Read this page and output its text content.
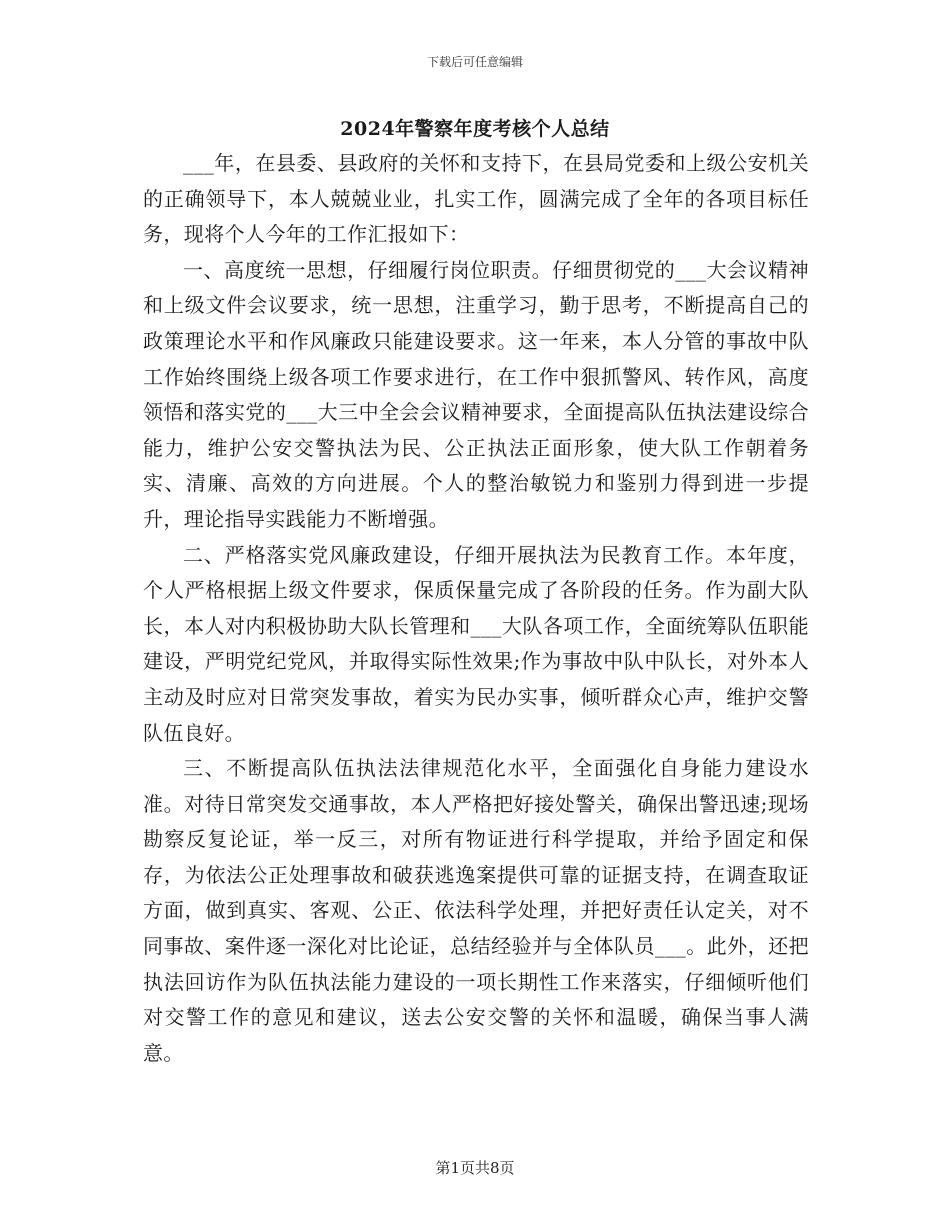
下载后可任意编辑
2024年警察年度考核个人总结

___年，在县委、县政府的关怀和支持下，在县局党委和上级公安机关的正确领导下，本人兢兢业业，扎实工作，圆满完成了全年的各项目标任务，现将个人今年的工作汇报如下：

一、高度统一思想，仔细履行岗位职责。仔细贯彻党的___大会议精神和上级文件会议要求，统一思想，注重学习，勤于思考，不断提高自己的政策理论水平和作风廉政只能建设要求。这一年来，本人分管的事故中队工作始终围绕上级各项工作要求进行，在工作中狠抓警风、转作风，高度领悟和落实党的___大三中全会会议精神要求，全面提高队伍执法建设综合能力，维护公安交警执法为民、公正执法正面形象，使大队工作朝着务实、清廉、高效的方向进展。个人的整治敏锐力和鉴别力得到进一步提升，理论指导实践能力不断增强。

二、严格落实党风廉政建设，仔细开展执法为民教育工作。本年度，个人严格根据上级文件要求，保质保量完成了各阶段的任务。作为副大队长，本人对内积极协助大队长管理和___大队各项工作，全面统筹队伍职能建设，严明党纪党风，并取得实际性效果;作为事故中队中队长，对外本人主动及时应对日常突发事故，着实为民办实事，倾听群众心声，维护交警队伍良好。

三、不断提高队伍执法法律规范化水平，全面强化自身能力建设水准。对待日常突发交通事故，本人严格把好接处警关，确保出警迅速;现场勘察反复论证，举一反三，对所有物证进行科学提取，并给予固定和保存，为依法公正处理事故和破获逃逸案提供可靠的证据支持，在调查取证方面，做到真实、客观、公正、依法科学处理，并把好责任认定关，对不同事故、案件逐一深化对比论证，总结经验并与全体队员___。此外，还把执法回访作为队伍执法能力建设的一项长期性工作来落实，仔细倾听他们对交警工作的意见和建议，送去公安交警的关怀和温暖，确保当事人满意。

第1页共8页
